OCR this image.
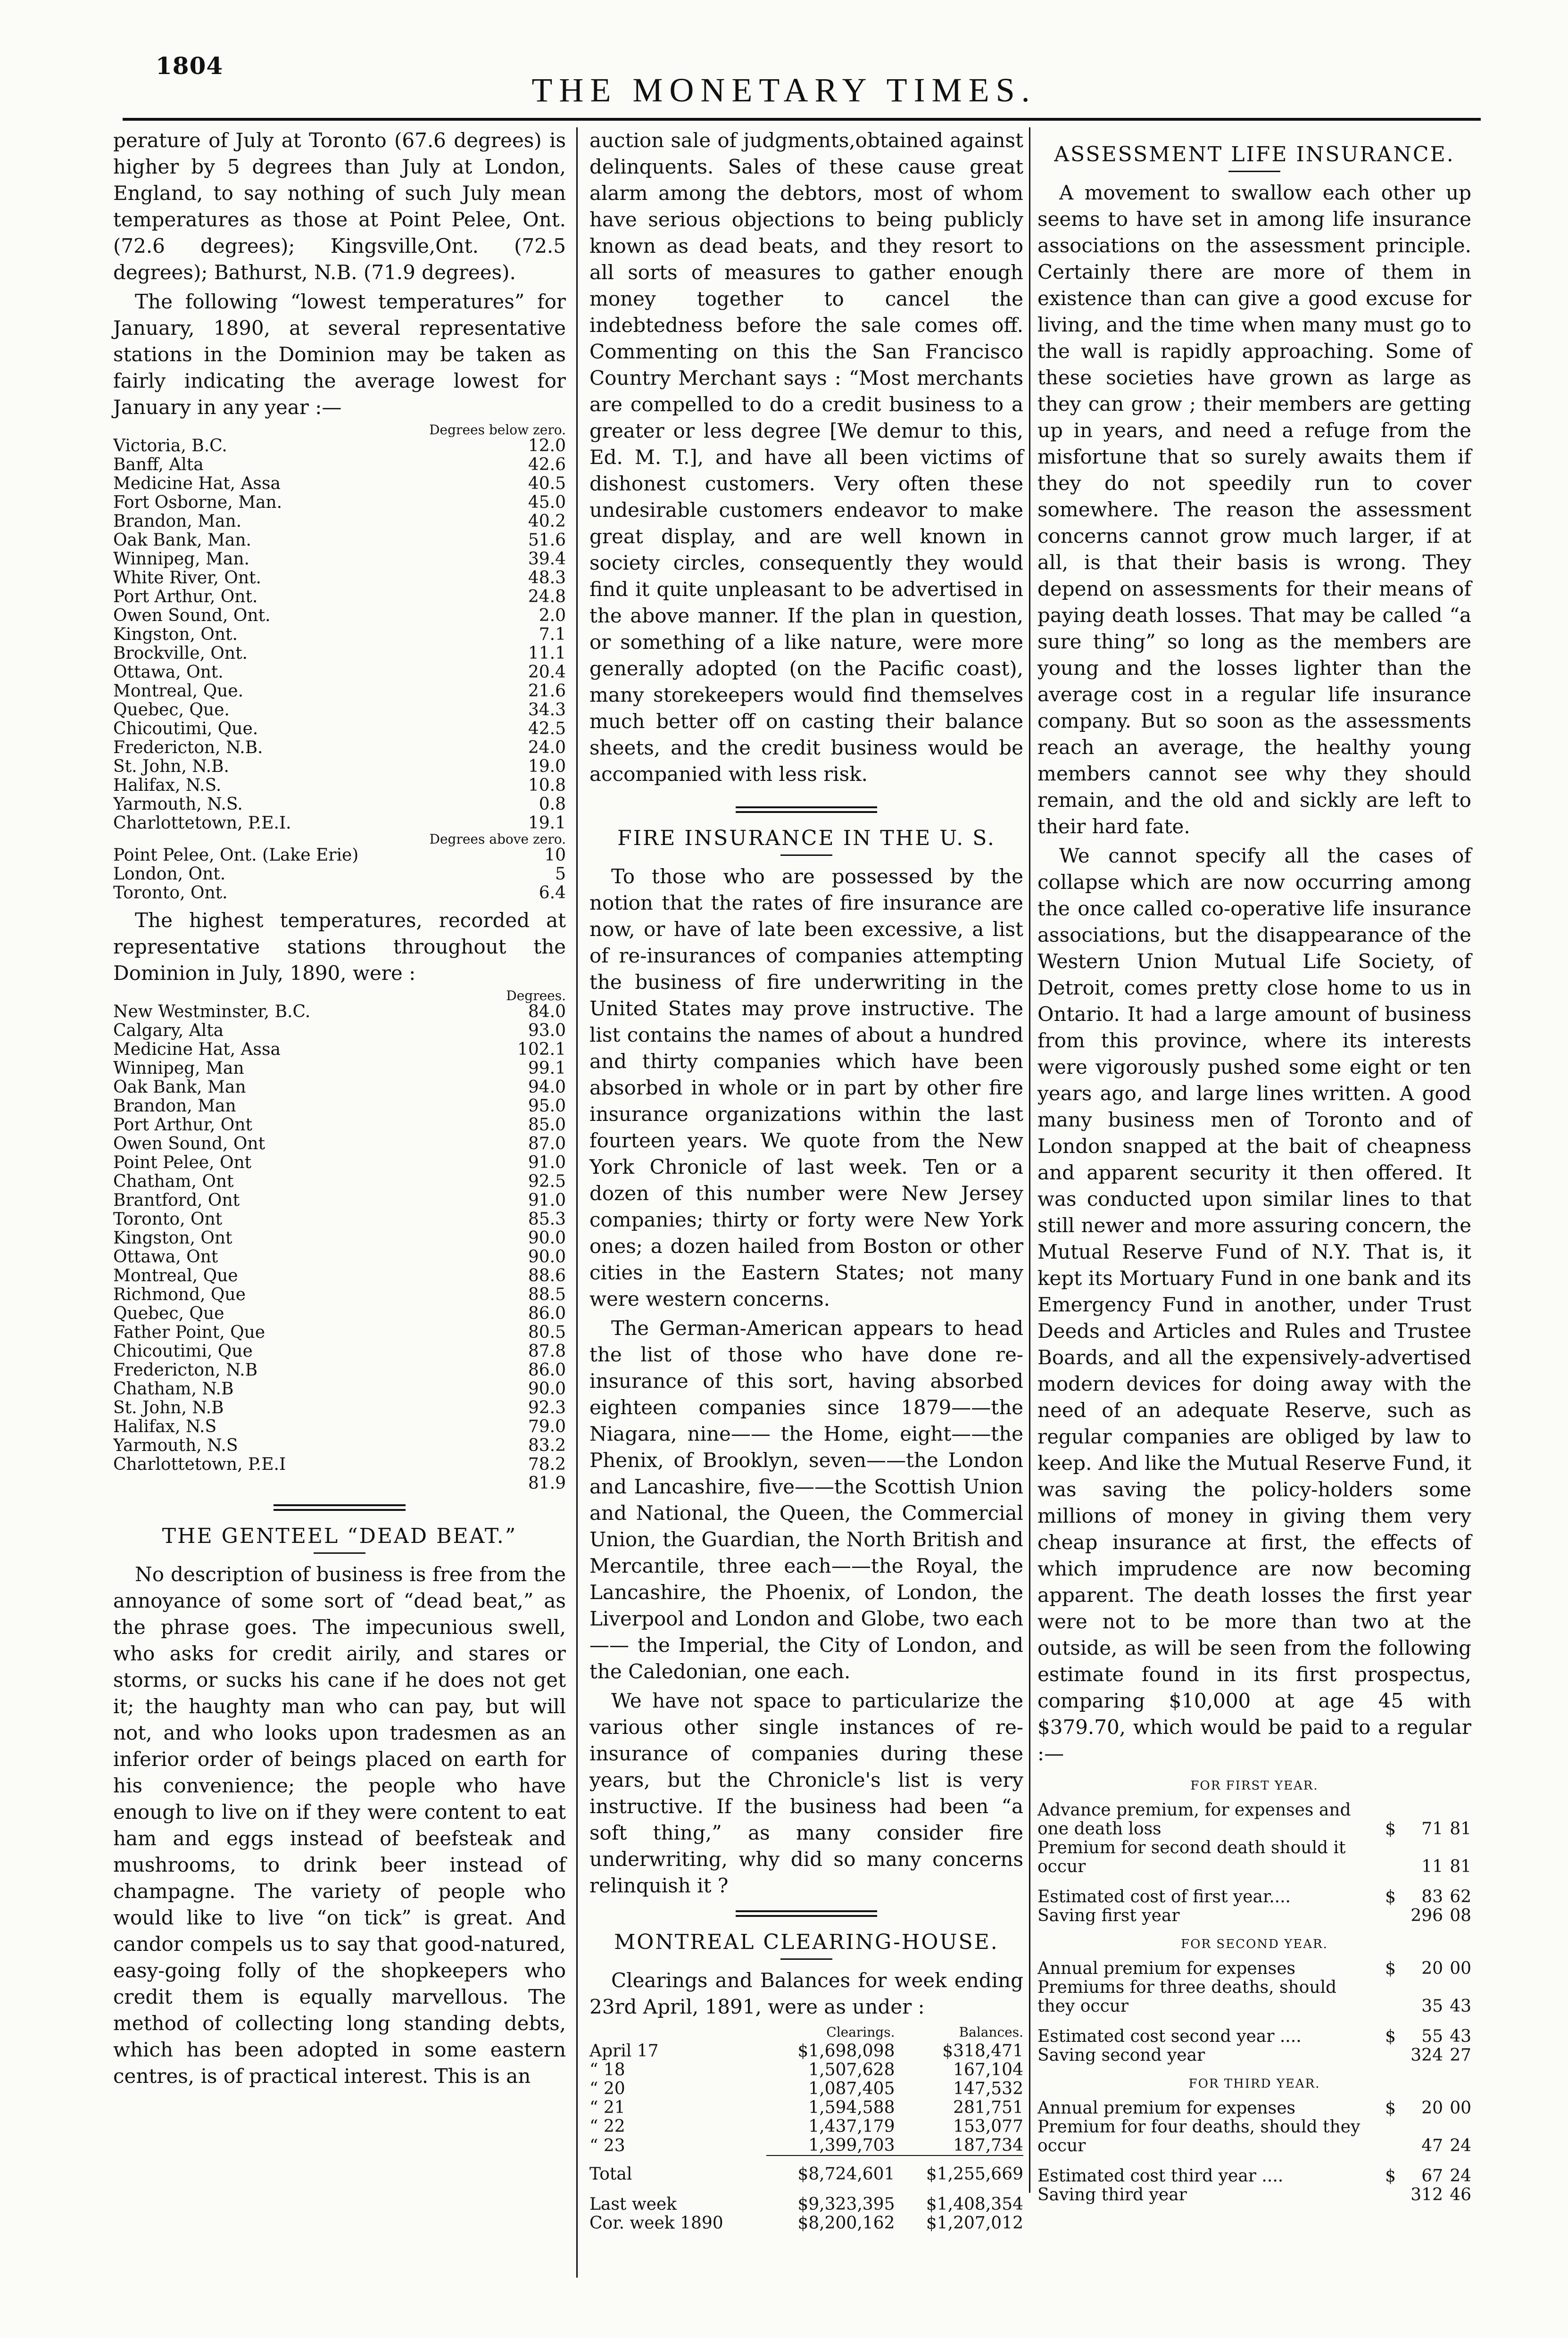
1804
THE MONETARY TIMES.

perature of July at Toronto (67.6 degrees) is higher by 5 degrees than July at London, England, to say nothing of such July mean temperatures as those at Point Pelee, Ont. (72.6 degrees); Kingsville,Ont. (72.5 degrees); Bathurst, N.B. (71.9 degrees).

The following “lowest temperatures” for January, 1890, at several representative stations in the Dominion may be taken as fairly indicating the average lowest for January in any year :—

	Degrees below zero.
Victoria, B.C.	12.0
Banff, Alta	42.6
Medicine Hat, Assa	40.5
Fort Osborne, Man.	45.0
Brandon, Man.	40.2
Oak Bank, Man.	51.6
Winnipeg, Man.	39.4
White River, Ont.	48.3
Port Arthur, Ont.	24.8
Owen Sound, Ont.	2.0
Kingston, Ont.	7.1
Brockville, Ont.	11.1
Ottawa, Ont.	20.4
Montreal, Que.	21.6
Quebec, Que.	34.3
Chicoutimi, Que.	42.5
Fredericton, N.B.	24.0
St. John, N.B.	19.0
Halifax, N.S.	10.8
Yarmouth, N.S.	0.8
Charlottetown, P.E.I.	19.1
	Degrees above zero.
Point Pelee, Ont. (Lake Erie)	10
London, Ont.	5
Toronto, Ont.	6.4

The highest temperatures, recorded at representative stations throughout the Dominion in July, 1890, were :

	Degrees.
New Westminster, B.C.	84.0
Calgary, Alta	93.0
Medicine Hat, Assa	102.1
Winnipeg, Man	99.1
Oak Bank, Man	94.0
Brandon, Man	95.0
Port Arthur, Ont	85.0
Owen Sound, Ont	87.0
Point Pelee, Ont	91.0
Chatham, Ont	92.5
Brantford, Ont	91.0
Toronto, Ont	85.3
Kingston, Ont	90.0
Ottawa, Ont	90.0
Montreal, Que	88.6
Richmond, Que	88.5
Quebec, Que	86.0
Father Point, Que	80.5
Chicoutimi, Que	87.8
Fredericton, N.B	86.0
Chatham, N.B	90.0
St. John, N.B	92.3
Halifax, N.S	79.0
Yarmouth, N.S	83.2
Charlottetown, P.E.I	78.2
	81.9
THE GENTEEL “DEAD BEAT.”

No description of business is free from the annoyance of some sort of “dead beat,” as the phrase goes. The impecunious swell, who asks for credit airily, and stares or storms, or sucks his cane if he does not get it; the haughty man who can pay, but will not, and who looks upon tradesmen as an inferior order of beings placed on earth for his convenience; the people who have enough to live on if they were content to eat ham and eggs instead of beefsteak and mushrooms, to drink beer instead of champagne. The variety of people who would like to live “on tick” is great. And candor compels us to say that good-natured, easy-going folly of the shopkeepers who credit them is equally marvellous. The method of collecting long standing debts, which has been adopted in some eastern centres, is of practical interest. This is an

auction sale of judgments,obtained against delinquents. Sales of these cause great alarm among the debtors, most of whom have serious objections to being publicly known as dead beats, and they resort to all sorts of measures to gather enough money together to cancel the indebtedness before the sale comes off. Commenting on this the San Francisco Country Merchant says : “Most merchants are compelled to do a credit business to a greater or less degree [We demur to this, Ed. M. T.], and have all been victims of dishonest customers. Very often these undesirable customers endeavor to make great display, and are well known in society circles, consequently they would find it quite unpleasant to be advertised in the above manner. If the plan in question, or something of a like nature, were more generally adopted (on the Pacific coast), many storekeepers would find themselves much better off on casting their balance sheets, and the credit business would be accompanied with less risk.

FIRE INSURANCE IN THE U. S.

To those who are possessed by the notion that the rates of fire insurance are now, or have of late been excessive, a list of re-insurances of companies attempting the business of fire underwriting in the United States may prove instructive. The list contains the names of about a hundred and thirty companies which have been absorbed in whole or in part by other fire insurance organizations within the last fourteen years. We quote from the New York Chronicle of last week. Ten or a dozen of this number were New Jersey companies; thirty or forty were New York ones; a dozen hailed from Boston or other cities in the Eastern States; not many were western concerns.

The German-American appears to head the list of those who have done re-insurance of this sort, having absorbed eighteen companies since 1879——the Niagara, nine—— the Home, eight——the Phenix, of Brooklyn, seven——the London and Lancashire, five——the Scottish Union and National, the Queen, the Commercial Union, the Guardian, the North British and Mercantile, three each——the Royal, the Lancashire, the Phoenix, of London, the Liverpool and London and Globe, two each—— the Imperial, the City of London, and the Caledonian, one each.

We have not space to particularize the various other single instances of re-insurance of companies during these years, but the Chronicle's list is very instructive. If the business had been “a soft thing,” as many consider fire underwriting, why did so many concerns relinquish it ?

MONTREAL CLEARING-HOUSE.

Clearings and Balances for week ending 23rd April, 1891, were as under :

	Clearings.	Balances.
April 17	$1,698,098	$318,471
“ 18	1,507,628	167,104
“ 20	1,087,405	147,532
“ 21	1,594,588	281,751
“ 22	1,437,179	153,077
“ 23	1,399,703	187,734

Total	$8,724,601	$1,255,669

Last week	$9,323,395	$1,408,354
Cor. week 1890	$8,200,162	$1,207,012
ASSESSMENT LIFE INSURANCE.

A movement to swallow each other up seems to have set in among life insurance associations on the assessment principle. Certainly there are more of them in existence than can give a good excuse for living, and the time when many must go to the wall is rapidly approaching. Some of these societies have grown as large as they can grow ; their members are getting up in years, and need a refuge from the misfortune that so surely awaits them if they do not speedily run to cover somewhere. The reason the assessment concerns cannot grow much larger, if at all, is that their basis is wrong. They depend on assessments for their means of paying death losses. That may be called “a sure thing” so long as the members are young and the losses lighter than the average cost in a regular life insurance company. But so soon as the assessments reach an average, the healthy young members cannot see why they should remain, and the old and sickly are left to their hard fate.

We cannot specify all the cases of collapse which are now occurring among the once called co-operative life insurance associations, but the disappearance of the Western Union Mutual Life Society, of Detroit, comes pretty close home to us in Ontario. It had a large amount of business from this province, where its interests were vigorously pushed some eight or ten years ago, and large lines written. A good many business men of Toronto and of London snapped at the bait of cheapness and apparent security it then offered. It was conducted upon similar lines to that still newer and more assuring concern, the Mutual Reserve Fund of N.Y. That is, it kept its Mortuary Fund in one bank and its Emergency Fund in another, under Trust Deeds and Articles and Rules and Trustee Boards, and all the expensively-advertised modern devices for doing away with the need of an adequate Reserve, such as regular companies are obliged by law to keep. And like the Mutual Reserve Fund, it was saving the policy-holders some millions of money in giving them very cheap insurance at first, the effects of which imprudence are now becoming apparent. The death losses the first year were not to be more than two at the outside, as will be seen from the following estimate found in its first prospectus, comparing $10,000 at age 45 with $379.70, which would be paid to a regular :—

FOR FIRST YEAR.
Advance premium, for expenses and one death loss	$	71	81
Premium for second death should it occur		11	81
Estimated cost of first year....	$	83	62
Saving first year		296	08
FOR SECOND YEAR.
Annual premium for expenses	$	20	00
Premiums for three deaths, should they occur		35	43
Estimated cost second year ....	$	55	43
Saving second year		324	27
FOR THIRD YEAR.
Annual premium for expenses	$	20	00
Premium for four deaths, should they occur		47	24
Estimated cost third year ....	$	67	24
Saving third year		312	46
